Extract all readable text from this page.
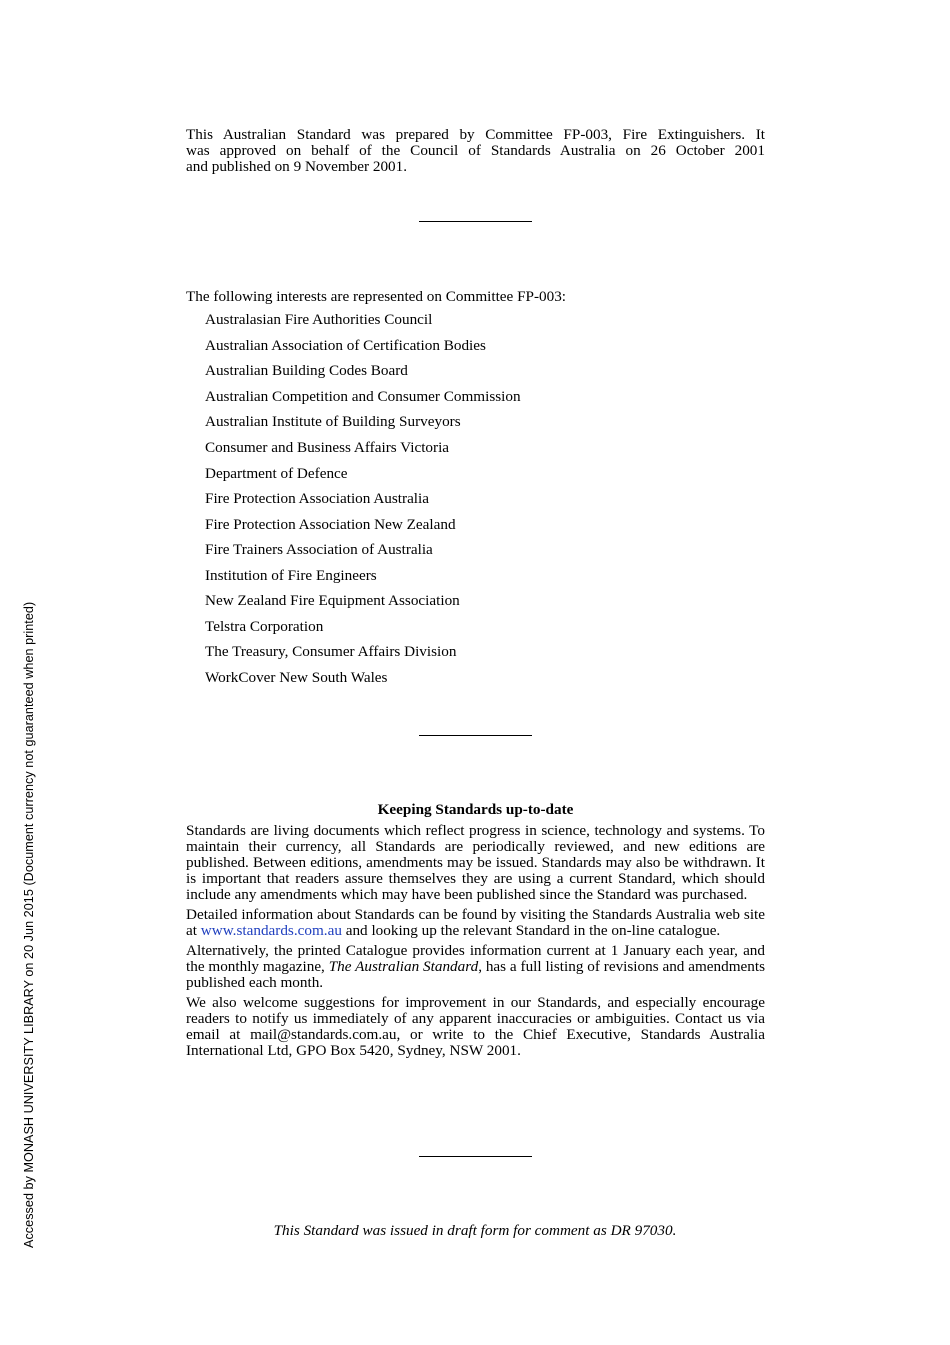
Accessed by MONASH UNIVERSITY LIBRARY on 20 Jun 2015 (Document currency not guaranteed when printed)
This Australian Standard was prepared by Committee FP-003, Fire Extinguishers. It
was approved on behalf of the Council of Standards Australia on 26 October 2001
and published on 9 November 2001.
The following interests are represented on Committee FP-003:
Australasian Fire Authorities Council
Australian Association of Certification Bodies
Australian Building Codes Board
Australian Competition and Consumer Commission
Australian Institute of Building Surveyors
Consumer and Business Affairs Victoria
Department of Defence
Fire Protection Association Australia
Fire Protection Association New Zealand
Fire Trainers Association of Australia
Institution of Fire Engineers
New Zealand Fire Equipment Association
Telstra Corporation
The Treasury, Consumer Affairs Division
WorkCover New South Wales
Keeping Standards up-to-date

Standards are living documents which reflect progress in science, technology and systems. To maintain their currency, all Standards are periodically reviewed, and new editions are published. Between editions, amendments may be issued. Standards may also be withdrawn. It is important that readers assure themselves they are using a current Standard, which should include any amendments which may have been published since the Standard was purchased.

Detailed information about Standards can be found by visiting the Standards Australia web site at www.standards.com.au and looking up the relevant Standard in the on-line catalogue.

Alternatively, the printed Catalogue provides information current at 1 January each year, and the monthly magazine, The Australian Standard, has a full listing of revisions and amendments published each month.

We also welcome suggestions for improvement in our Standards, and especially encourage readers to notify us immediately of any apparent inaccuracies or ambiguities. Contact us via email at mail@standards.com.au, or write to the Chief Executive, Standards Australia International Ltd, GPO Box 5420, Sydney, NSW 2001.

This Standard was issued in draft form for comment as DR 97030.
